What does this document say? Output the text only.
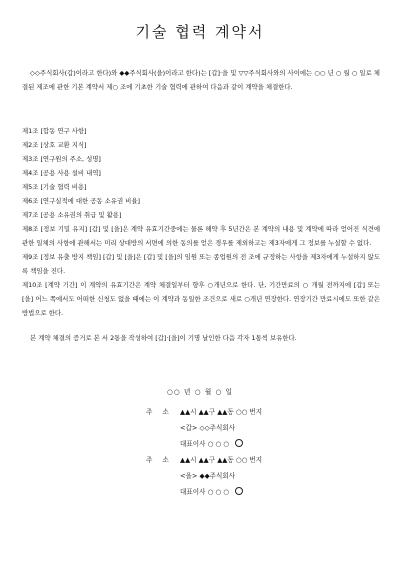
기술 협력 계약서
◇◇주식회사(갑)이라고 한다)와 ◆◆주식회사(을)이라고 한다)는 [갑]·을 및 ▽▽주식회사와의 사이에는 ○○ 년 ○ 월 ○ 일로 체결된 제조에 관한 기본 계약서 제○ 조에 기초한 기술 협력에 관하여 다음과 같이 계약을 체결한다.

제1조 [합동 연구 사항]

제2조 [상호 교환 지식]

제3조 [연구원의 주소, 성명]

제4조 [공용 사용 설비 내역]

제5조 [기술 협력 비용]

제6조 [연구실적에 대한 공동 소유권 비율]

제7조 [공용 소유권의 취급 및 활용]

제8조 [정보 기밀 유지] [갑] 및 [을]은 계약 유효기간중에는 물론 해약 후 5년간은 본 계약의 내용 및 계약에 따라 얻어진 식견에 관한 일체의 사항에 관해서는 미리 상대방의 서면에 의한 동의를 얻은 경우를 제외하고는 제3자에게 그 정보를 누설할 수 없다.

제9조 [정보 유출 방지 책임] [갑] 및 [을]은 [갑] 및 [을]의 임원 또는 종업원의 전 조에 규정하는 사항을 제3자에게 누설하지 않도록 책임을 진다.

제10조 [계약 기간] 이 계약의 유효기간은 계약 체결일부터 향후 ○개년으로 한다. 단, 기간만료의 ○ 개월 전까지에 [갑] 또는 [을] 어느 쪽에서도 어떠한 신청도 없을 때에는 이 계약과 동일한 조건으로 새로 ○개년 연장한다. 연장기간 만료시에도 또한 같은 방법으로 한다.

본 계약 체결의 증거로 본 서 2통을 작성하여 [갑]·[을]이 기명 날인한 다음 각자 1통씩 보유한다.
○○ 년 ○ 월 ○ 일
주 소 ▲▲시 ▲▲구 ▲▲동 ○○ 번지
<갑> ◇◇주식회사
대표이사 ○ ○ ○
주 소 ▲▲시 ▲▲구 ▲▲동 ○○ 번지
<을> ◆◆주식회사
대표이사 ○ ○ ○
